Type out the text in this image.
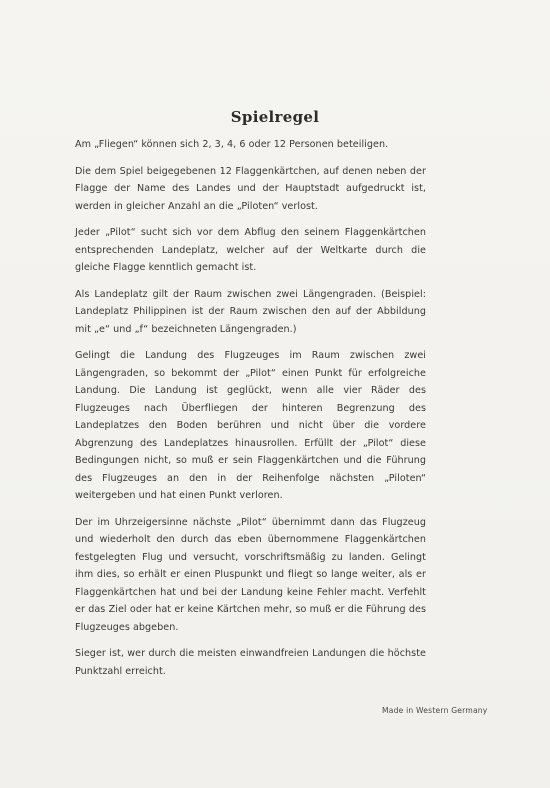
Spielregel

Am „Fliegen“ können sich 2, 3, 4, 6 oder 12 Personen beteiligen.

Die dem Spiel beigegebenen 12 Flaggenkärtchen, auf denen neben der Flagge der Name des Landes und der Hauptstadt aufgedruckt ist, werden in gleicher Anzahl an die „Piloten“ verlost.

Jeder „Pilot“ sucht sich vor dem Abflug den seinem Flaggenkärtchen entsprechenden Landeplatz, welcher auf der Weltkarte durch die gleiche Flagge kenntlich gemacht ist.

Als Landeplatz gilt der Raum zwischen zwei Längengraden. (Beispiel: Landeplatz Philippinen ist der Raum zwischen den auf der Abbildung mit „e“ und „f“ bezeichneten Längengraden.)

Gelingt die Landung des Flugzeuges im Raum zwischen zwei Längengraden, so bekommt der „Pilot“ einen Punkt für erfolgreiche Landung. Die Landung ist geglückt, wenn alle vier Räder des Flugzeuges nach Überfliegen der hinteren Begrenzung des Landeplatzes den Boden berühren und nicht über die vordere Abgrenzung des Landeplatzes hinausrollen. Erfüllt der „Pilot“ diese Bedingungen nicht, so muß er sein Flaggenkärtchen und die Führung des Flugzeuges an den in der Reihenfolge nächsten „Piloten“ weitergeben und hat einen Punkt verloren.

Der im Uhrzeigersinne nächste „Pilot“ übernimmt dann das Flugzeug und wiederholt den durch das eben übernommene Flaggenkärtchen festgelegten Flug und versucht, vorschriftsmäßig zu landen. Gelingt ihm dies, so erhält er einen Pluspunkt und fliegt so lange weiter, als er Flaggenkärtchen hat und bei der Landung keine Fehler macht. Verfehlt er das Ziel oder hat er keine Kärtchen mehr, so muß er die Führung des Flugzeuges abgeben.

Sieger ist, wer durch die meisten einwandfreien Landungen die höchste Punktzahl erreicht.

Made in Western Germany
